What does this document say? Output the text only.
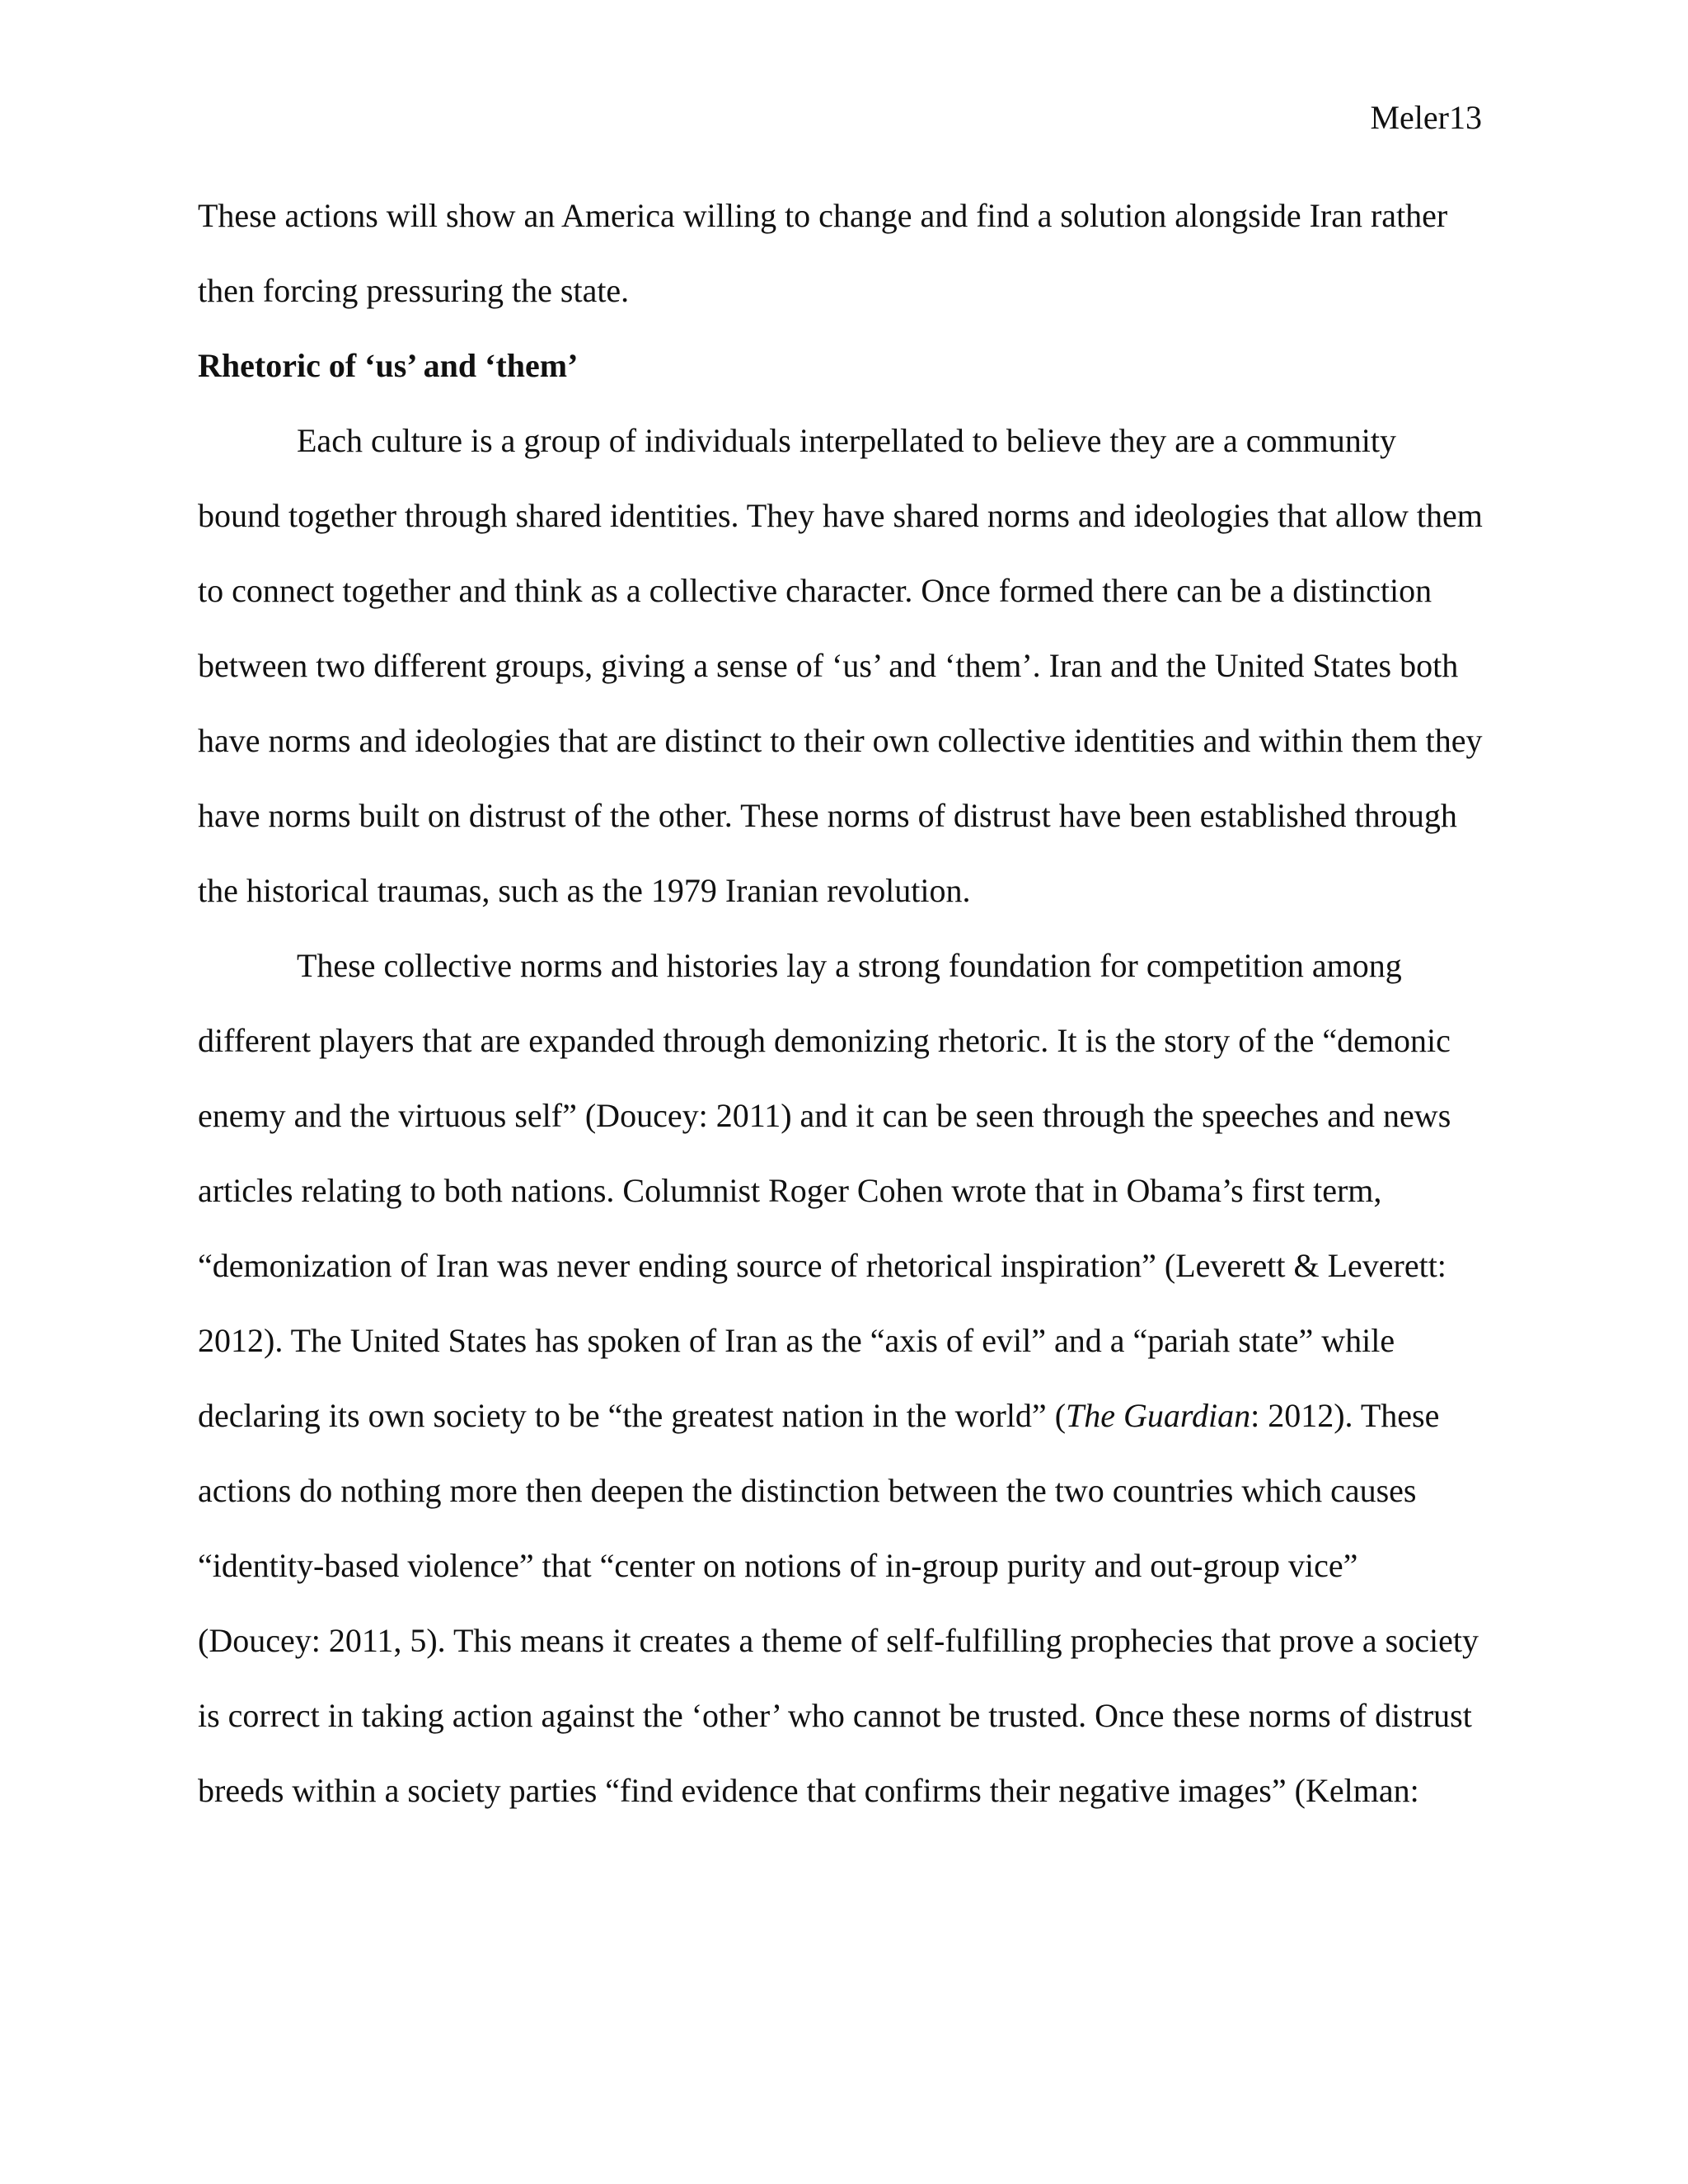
Meler13
These actions will show an America willing to change and find a solution alongside Iran rather
then forcing pressuring the state.
Rhetoric of ‘us’ and ‘them’
Each culture is a group of individuals interpellated to believe they are a community
bound together through shared identities. They have shared norms and ideologies that allow them
to connect together and think as a collective character. Once formed there can be a distinction
between two different groups, giving a sense of ‘us’ and ‘them’. Iran and the United States both
have norms and ideologies that are distinct to their own collective identities and within them they
have norms built on distrust of the other. These norms of distrust have been established through
the historical traumas, such as the 1979 Iranian revolution.
These collective norms and histories lay a strong foundation for competition among
different players that are expanded through demonizing rhetoric. It is the story of the “demonic
enemy and the virtuous self” (Doucey: 2011) and it can be seen through the speeches and news
articles relating to both nations. Columnist Roger Cohen wrote that in Obama’s first term,
“demonization of Iran was never ending source of rhetorical inspiration” (Leverett & Leverett:
2012). The United States has spoken of Iran as the “axis of evil” and a “pariah state” while
declaring its own society to be “the greatest nation in the world” (The Guardian: 2012). These
actions do nothing more then deepen the distinction between the two countries which causes
“identity-based violence” that “center on notions of in-group purity and out-group vice”
(Doucey: 2011, 5). This means it creates a theme of self-fulfilling prophecies that prove a society
is correct in taking action against the ‘other’ who cannot be trusted. Once these norms of distrust
breeds within a society parties “find evidence that confirms their negative images” (Kelman:
